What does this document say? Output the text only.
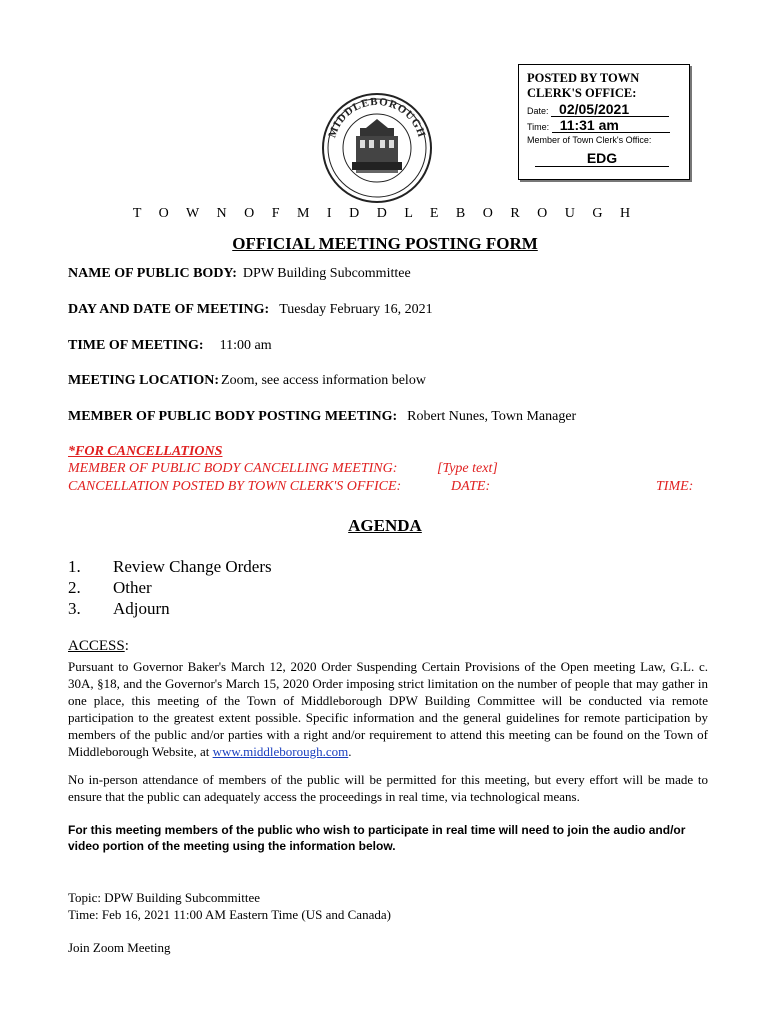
MIDDLEBOROUGH
POSTED BY TOWN CLERK'S OFFICE:
Date: 02/05/2021
Time: 11:31 am
Member of Town Clerk's Office:
EDG
T O W N O F M I D D L E B O R O U G H
OFFICIAL MEETING POSTING FORM
NAME OF PUBLIC BODY: DPW Building Subcommittee
DAY AND DATE OF MEETING: Tuesday February 16, 2021
TIME OF MEETING: 11:00 am
MEETING LOCATION: Zoom, see access information below
MEMBER OF PUBLIC BODY POSTING MEETING: Robert Nunes, Town Manager
*FOR CANCELLATIONS
MEMBER OF PUBLIC BODY CANCELLING MEETING:	[Type text]
CANCELLATION POSTED BY TOWN CLERK'S OFFICE:	DATE:	TIME:
AGENDA
1. Review Change Orders
2. Other
3. Adjourn
ACCESS:
Pursuant to Governor Baker's March 12, 2020 Order Suspending Certain Provisions of the Open meeting Law, G.L. c. 30A, §18, and the Governor's March 15, 2020 Order imposing strict limitation on the number of people that may gather in one place, this meeting of the Town of Middleborough DPW Building Committee will be conducted via remote participation to the greatest extent possible. Specific information and the general guidelines for remote participation by members of the public and/or parties with a right and/or requirement to attend this meeting can be found on the Town of Middleborough Website, at www.middleborough.com.
No in-person attendance of members of the public will be permitted for this meeting, but every effort will be made to ensure that the public can adequately access the proceedings in real time, via technological means.
For this meeting members of the public who wish to participate in real time will need to join the audio and/or video portion of the meeting using the information below.
Topic: DPW Building Subcommittee
Time: Feb 16, 2021 11:00 AM Eastern Time (US and Canada)
Join Zoom Meeting
